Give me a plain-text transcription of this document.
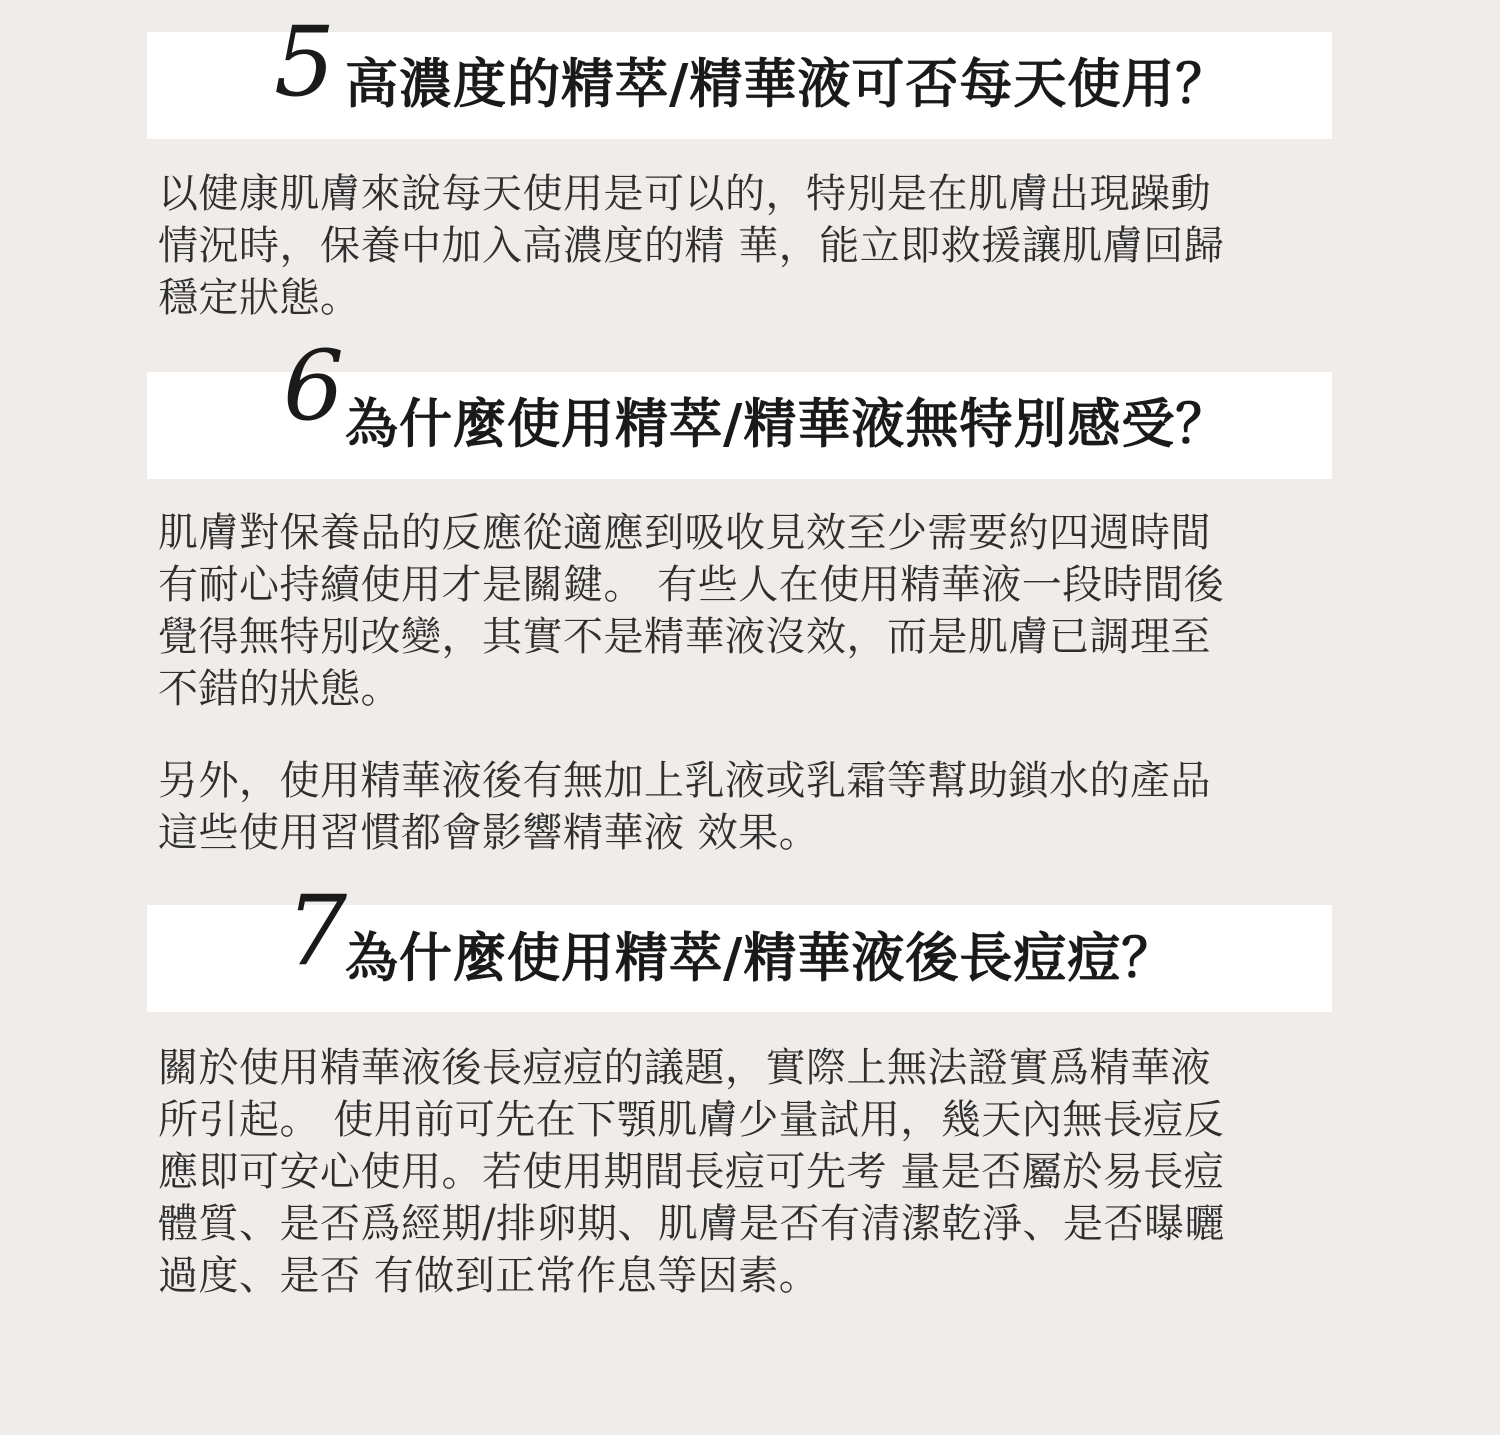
5 高濃度的精萃/精華液可否每天使用？

以健康肌膚來說每天使用是可以的，特別是在肌膚出現躁動
情況時，保養中加入高濃度的精 華，能立即救援讓肌膚回歸
穩定狀態。

6 為什麼使用精萃/精華液無特別感受？

肌膚對保養品的反應從適應到吸收見效至少需要約四週時間
有耐心持續使用才是關鍵。 有些人在使用精華液一段時間後
覺得無特別改變，其實不是精華液沒效，而是肌膚已調理至
不錯的狀態。

另外，使用精華液後有無加上乳液或乳霜等幫助鎖水的產品
這些使用習慣都會影響精華液 效果。

7
為什麼使用精萃/精華液後長痘痘？

關於使用精華液後長痘痘的議題，實際上無法證實爲精華液
所引起。 使用前可先在下顎肌膚少量試用，幾天內無長痘反
應即可安心使用。若使用期間長痘可先考 量是否屬於易長痘
體質、是否爲經期/排卵期、肌膚是否有清潔乾淨、是否曝曬
過度、是否 有做到正常作息等因素。
